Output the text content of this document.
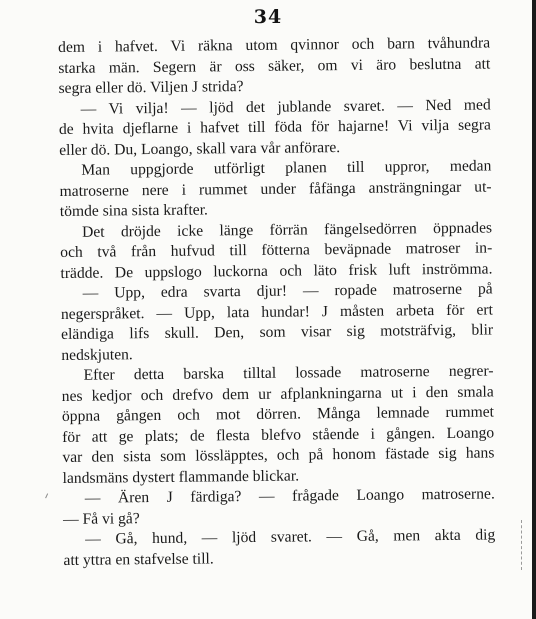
34
dem i hafvet. Vi räkna utom qvinnor och barn tvåhundra
starka män. Segern är oss säker, om vi äro beslutna att
segra eller dö. Viljen J strida?
— Vi vilja! — ljöd det jublande svaret. — Ned med
de hvita djeflarne i hafvet till föda för hajarne! Vi vilja segra
eller dö. Du, Loango, skall vara vår anförare.
Man uppgjorde utförligt planen till uppror, medan
matroserne nere i rummet under fåfänga ansträngningar ut-
tömde sina sista krafter.
Det dröjde icke länge förrän fängelsedörren öppnades
och två från hufvud till fötterna beväpnade matroser in-
trädde. De uppslogo luckorna och läto frisk luft inströmma.
— Upp, edra svarta djur! — ropade matroserne på
negerspråket. — Upp, lata hundar! J måsten arbeta för ert
eländiga lifs skull. Den, som visar sig motsträfvig, blir
nedskjuten.
Efter detta barska tilltal lossade matroserne negrer-
nes kedjor och drefvo dem ur afplankningarna ut i den smala
öppna gången och mot dörren. Många lemnade rummet
för att ge plats; de flesta blefvo stående i gången. Loango
var den sista som lössläpptes, och på honom fästade sig hans
landsmäns dystert flammande blickar.
— Ären J färdiga? — frågade Loango matroserne.
— Få vi gå?
— Gå, hund, — ljöd svaret. — Gå, men akta dig
att yttra en stafvelse till.
